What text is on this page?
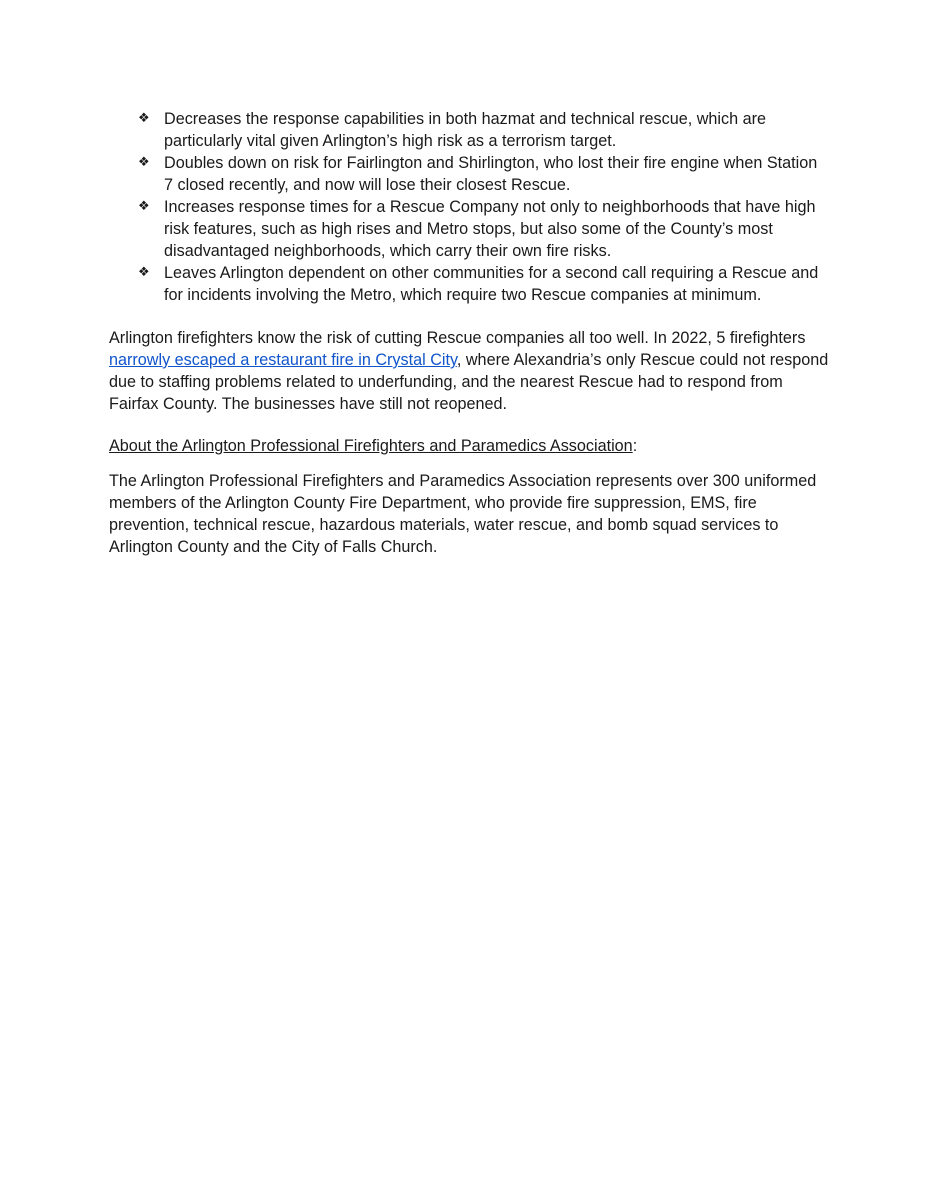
❖ Decreases the response capabilities in both hazmat and technical rescue, which are particularly vital given Arlington’s high risk as a terrorism target.
❖ Doubles down on risk for Fairlington and Shirlington, who lost their fire engine when Station 7 closed recently, and now will lose their closest Rescue.
❖ Increases response times for a Rescue Company not only to neighborhoods that have high risk features, such as high rises and Metro stops, but also some of the County’s most disadvantaged neighborhoods, which carry their own fire risks.
❖ Leaves Arlington dependent on other communities for a second call requiring a Rescue and for incidents involving the Metro, which require two Rescue companies at minimum.

Arlington firefighters know the risk of cutting Rescue companies all too well. In 2022, 5 firefighters narrowly escaped a restaurant fire in Crystal City, where Alexandria’s only Rescue could not respond due to staffing problems related to underfunding, and the nearest Rescue had to respond from Fairfax County. The businesses have still not reopened.

About the Arlington Professional Firefighters and Paramedics Association:

The Arlington Professional Firefighters and Paramedics Association represents over 300 uniformed members of the Arlington County Fire Department, who provide fire suppression, EMS, fire prevention, technical rescue, hazardous materials, water rescue, and bomb squad services to Arlington County and the City of Falls Church.
